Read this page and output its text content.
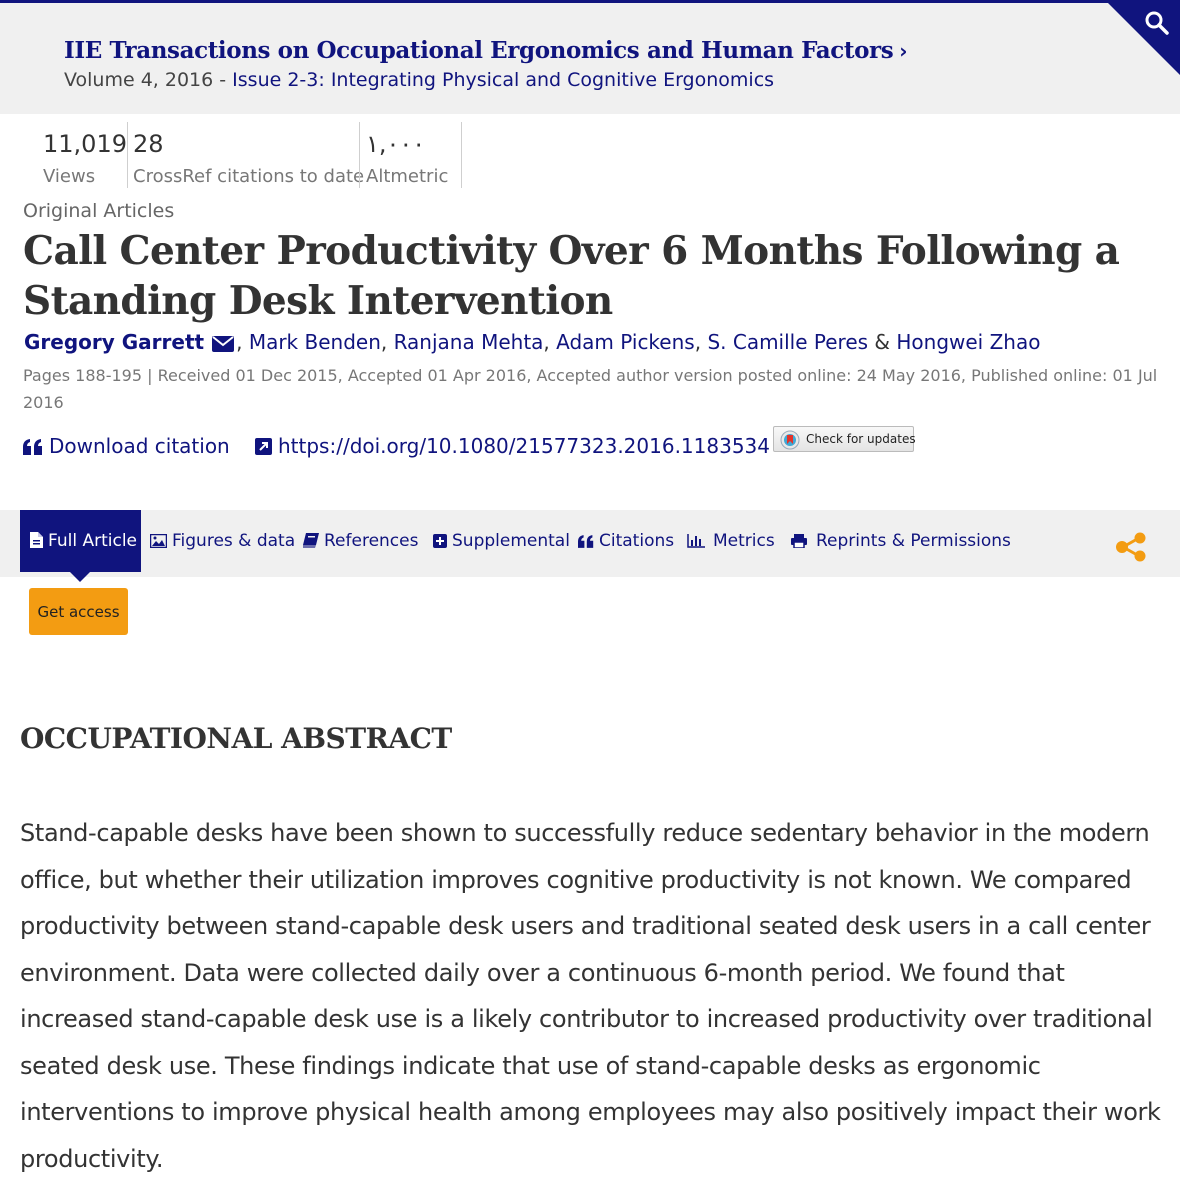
IIE Transactions on Occupational Ergonomics and Human Factors ›
Volume 4, 2016 - Issue 2-3: Integrating Physical and Cognitive Ergonomics
11,019
Views
28
CrossRef citations to date
١,٠٠٠
Altmetric
Original Articles
Call Center Productivity Over 6 Months Following a Standing Desk Intervention
Gregory Garrett , Mark Benden, Ranjana Mehta, Adam Pickens, S. Camille Peres & Hongwei Zhao
Pages 188-195 | Received 01 Dec 2015, Accepted 01 Apr 2016, Accepted author version posted online: 24 May 2016, Published online: 01 Jul 2016
Download citation	https://doi.org/10.1080/21577323.2016.1183534	Check for updates
Full Article	Figures & data	References	Supplemental	Citations	Metrics	Reprints & Permissions
Get access
OCCUPATIONAL ABSTRACT
Stand-capable desks have been shown to successfully reduce sedentary behavior in the modern office, but whether their utilization improves cognitive productivity is not known. We compared productivity between stand-capable desk users and traditional seated desk users in a call center environment. Data were collected daily over a continuous 6-month period. We found that increased stand-capable desk use is a likely contributor to increased productivity over traditional seated desk use. These findings indicate that use of stand-capable desks as ergonomic interventions to improve physical health among employees may also positively impact their work productivity.
